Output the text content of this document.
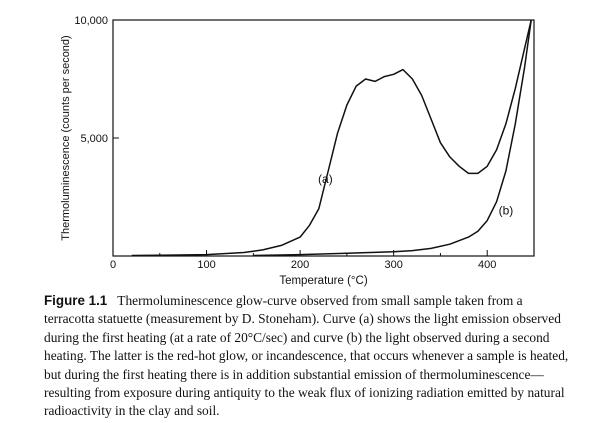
0	100	200	300	400
5,000
10,000
Temperature (°C)
Thermoluminescence (counts per second)	(a)
(b)
Figure 1.1 Thermoluminescence glow-curve observed from small sample taken from a terracotta statuette (measurement by D. Stoneham). Curve (a) shows the light emission observed during the first heating (at a rate of 20°C/sec) and curve (b) the light observed during a second heating. The latter is the red-hot glow, or incandescence, that occurs whenever a sample is heated, but during the first heating there is in addition substantial emission of thermoluminescence—resulting from exposure during antiquity to the weak flux of ionizing radiation emitted by natural radioactivity in the clay and soil.
